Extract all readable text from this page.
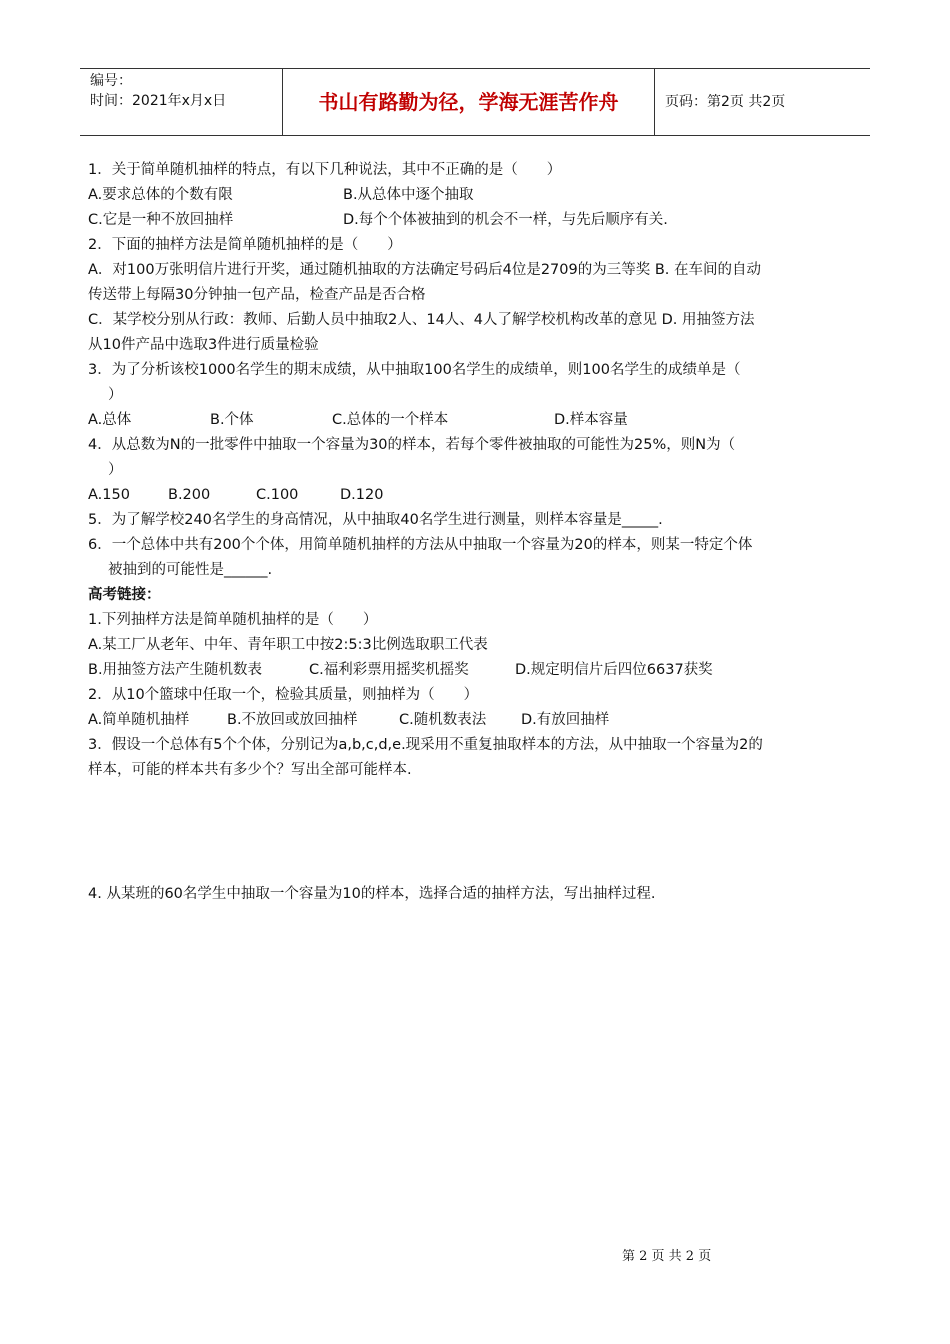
编号：
时间：2021年x月x日	书山有路勤为径，学海无涯苦作舟	页码：第2页 共2页
1．关于简单随机抽样的特点，有以下几种说法，其中不正确的是（　　）
A.要求总体的个数有限	B.从总体中逐个抽取
C.它是一种不放回抽样	D.每个个体被抽到的机会不一样，与先后顺序有关.
2．下面的抽样方法是简单随机抽样的是（　　）
A．对100万张明信片进行开奖，通过随机抽取的方法确定号码后4位是2709的为三等奖 B. 在车间的自动
传送带上每隔30分钟抽一包产品，检查产品是否合格
C．某学校分别从行政：教师、后勤人员中抽取2人、14人、4人了解学校机构改革的意见 D. 用抽签方法
从10件产品中选取3件进行质量检验
3．为了分析该校1000名学生的期末成绩，从中抽取100名学生的成绩单，则100名学生的成绩单是（
）
A.总体	B.个体	C.总体的一个样本	D.样本容量
4．从总数为N的一批零件中抽取一个容量为30的样本，若每个零件被抽取的可能性为25%，则N为（
）
A.150	B.200	C.100	D.120
5．为了解学校240名学生的身高情况，从中抽取40名学生进行测量，则样本容量是_____.
6．一个总体中共有200个个体，用简单随机抽样的方法从中抽取一个容量为20的样本，则某一特定个体
被抽到的可能性是______.
高考链接：
1.下列抽样方法是简单随机抽样的是（　　）
A.某工厂从老年、中年、青年职工中按2:5:3比例选取职工代表
B.用抽签方法产生随机数表	C.福利彩票用摇奖机摇奖	D.规定明信片后四位6637获奖
2．从10个篮球中任取一个，检验其质量，则抽样为（　　）
A.简单随机抽样	B.不放回或放回抽样	C.随机数表法	D.有放回抽样
3．假设一个总体有5个个体，分别记为a,b,c,d,e.现采用不重复抽取样本的方法，从中抽取一个容量为2的
样本，可能的样本共有多少个？写出全部可能样本.
4. 从某班的60名学生中抽取一个容量为10的样本，选择合适的抽样方法，写出抽样过程.
第 2 页 共 2 页
